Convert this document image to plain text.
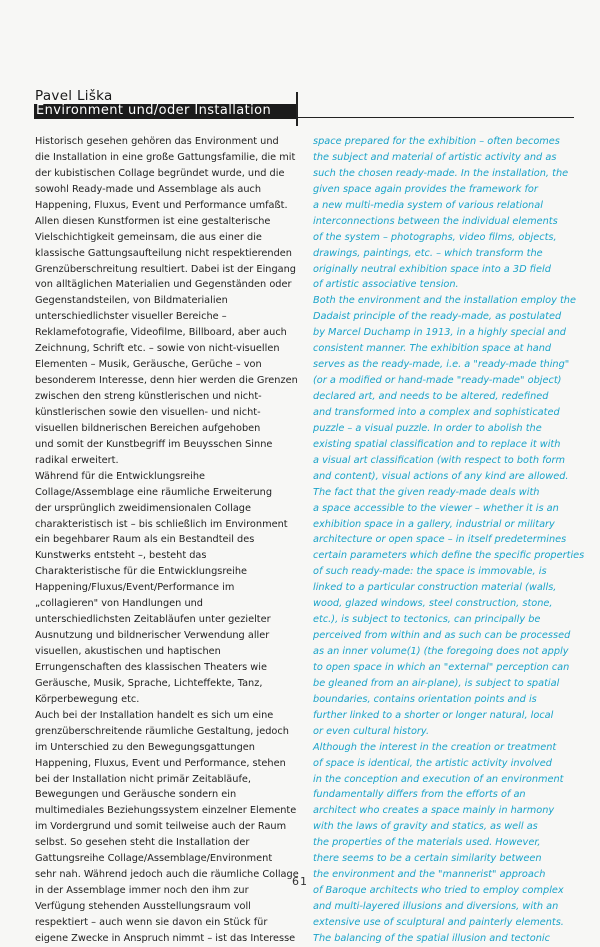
Pavel Liška
Environment und/oder Installation
Historisch gesehen gehören das Environment und
die Installation in eine große Gattungsfamilie, die mit
der kubistischen Collage begründet wurde, und die
sowohl Ready-made und Assemblage als auch
Happening, Fluxus, Event und Performance umfaßt.
Allen diesen Kunstformen ist eine gestalterische
Vielschichtigkeit gemeinsam, die aus einer die
klassische Gattungsaufteilung nicht respektierenden
Grenzüberschreitung resultiert. Dabei ist der Eingang
von alltäglichen Materialien und Gegenständen oder
Gegenstandsteilen, von Bildmaterialien
unterschiedlichster visueller Bereiche –
Reklamefotografie, Videofilme, Billboard, aber auch
Zeichnung, Schrift etc. – sowie von nicht-visuellen
Elementen – Musik, Geräusche, Gerüche – von
besonderem Interesse, denn hier werden die Grenzen
zwischen den streng künstlerischen und nicht-
künstlerischen sowie den visuellen- und nicht-
visuellen bildnerischen Bereichen aufgehoben
und somit der Kunstbegriff im Beuysschen Sinne
radikal erweitert.
Während für die Entwicklungsreihe
Collage/Assemblage eine räumliche Erweiterung
der ursprünglich zweidimensionalen Collage
charakteristisch ist – bis schließlich im Environment
ein begehbarer Raum als ein Bestandteil des
Kunstwerks entsteht –, besteht das
Charakteristische für die Entwicklungsreihe
Happening/Fluxus/Event/Performance im
„collagieren" von Handlungen und
unterschiedlichsten Zeitabläufen unter gezielter
Ausnutzung und bildnerischer Verwendung aller
visuellen, akustischen und haptischen
Errungenschaften des klassischen Theaters wie
Geräusche, Musik, Sprache, Lichteffekte, Tanz,
Körperbewegung etc.
Auch bei der Installation handelt es sich um eine
grenzüberschreitende räumliche Gestaltung, jedoch
im Unterschied zu den Bewegungsgattungen
Happening, Fluxus, Event und Performance, stehen
bei der Installation nicht primär Zeitabläufe,
Bewegungen und Geräusche sondern ein
multimediales Beziehungssystem einzelner Elemente
im Vordergrund und somit teilweise auch der Raum
selbst. So gesehen steht die Installation der
Gattungsreihe Collage/Assemblage/Environment
sehr nah. Während jedoch auch die räumliche Collage
in der Assemblage immer noch den ihm zur
Verfügung stehenden Ausstellungsraum voll
respektiert – auch wenn sie davon ein Stück für
eigene Zwecke in Anspruch nimmt – ist das Interesse
space prepared for the exhibition – often becomes
the subject and material of artistic activity and as
such the chosen ready-made. In the installation, the
given space again provides the framework for
a new multi-media system of various relational
interconnections between the individual elements
of the system – photographs, video films, objects,
drawings, paintings, etc. – which transform the
originally neutral exhibition space into a 3D field
of artistic associative tension.
Both the environment and the installation employ the
Dadaist principle of the ready-made, as postulated
by Marcel Duchamp in 1913, in a highly special and
consistent manner. The exhibition space at hand
serves as the ready-made, i.e. a "ready-made thing"
(or a modified or hand-made "ready-made" object)
declared art, and needs to be altered, redefined
and transformed into a complex and sophisticated
puzzle – a visual puzzle. In order to abolish the
existing spatial classification and to replace it with
a visual art classification (with respect to both form
and content), visual actions of any kind are allowed.
The fact that the given ready-made deals with
a space accessible to the viewer – whether it is an
exhibition space in a gallery, industrial or military
architecture or open space – in itself predetermines
certain parameters which define the specific properties
of such ready-made: the space is immovable, is
linked to a particular construction material (walls,
wood, glazed windows, steel construction, stone,
etc.), is subject to tectonics, can principally be
perceived from within and as such can be processed
as an inner volume(1) (the foregoing does not apply
to open space in which an "external" perception can
be gleaned from an air-plane), is subject to spatial
boundaries, contains orientation points and is
further linked to a shorter or longer natural, local
or even cultural history.
Although the interest in the creation or treatment
of space is identical, the artistic activity involved
in the conception and execution of an environment
fundamentally differs from the efforts of an
architect who creates a space mainly in harmony
with the laws of gravity and statics, as well as
the properties of the materials used. However,
there seems to be a certain similarity between
the environment and the "mannerist" approach
of Baroque architects who tried to employ complex
and multi-layered illusions and diversions, with an
extensive use of sculptural and painterly elements.
The balancing of the spatial illusion and tectonic
61
